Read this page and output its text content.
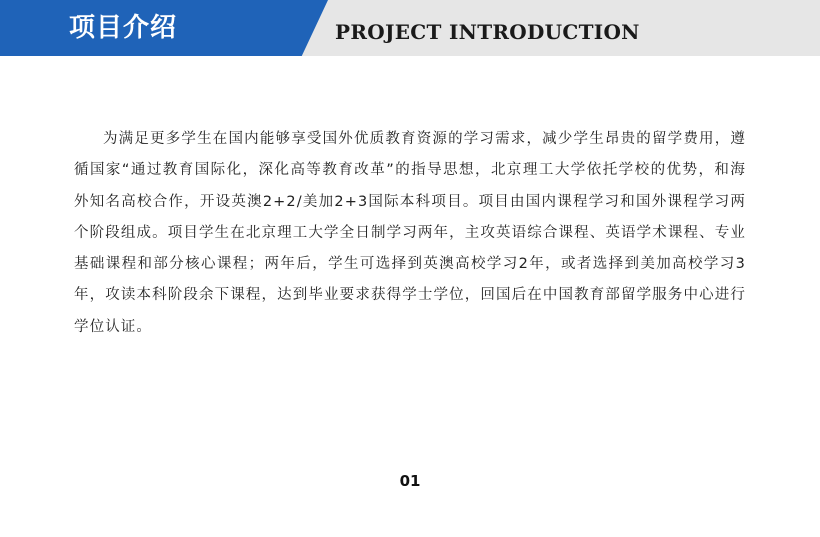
项目介绍	PROJECT INTRODUCTION
为满足更多学生在国内能够享受国外优质教育资源的学习需求，减少学生昂贵的留学费用，遵循国家“通过教育国际化，深化高等教育改革”的指导思想，北京理工大学依托学校的优势，和海外知名高校合作，开设英澳2+2/美加2+3国际本科项目。项目由国内课程学习和国外课程学习两个阶段组成。项目学生在北京理工大学全日制学习两年，主攻英语综合课程、英语学术课程、专业基础课程和部分核心课程；两年后，学生可选择到英澳高校学习2年，或者选择到美加高校学习3年，攻读本科阶段余下课程，达到毕业要求获得学士学位，回国后在中国教育部留学服务中心进行学位认证。
01
